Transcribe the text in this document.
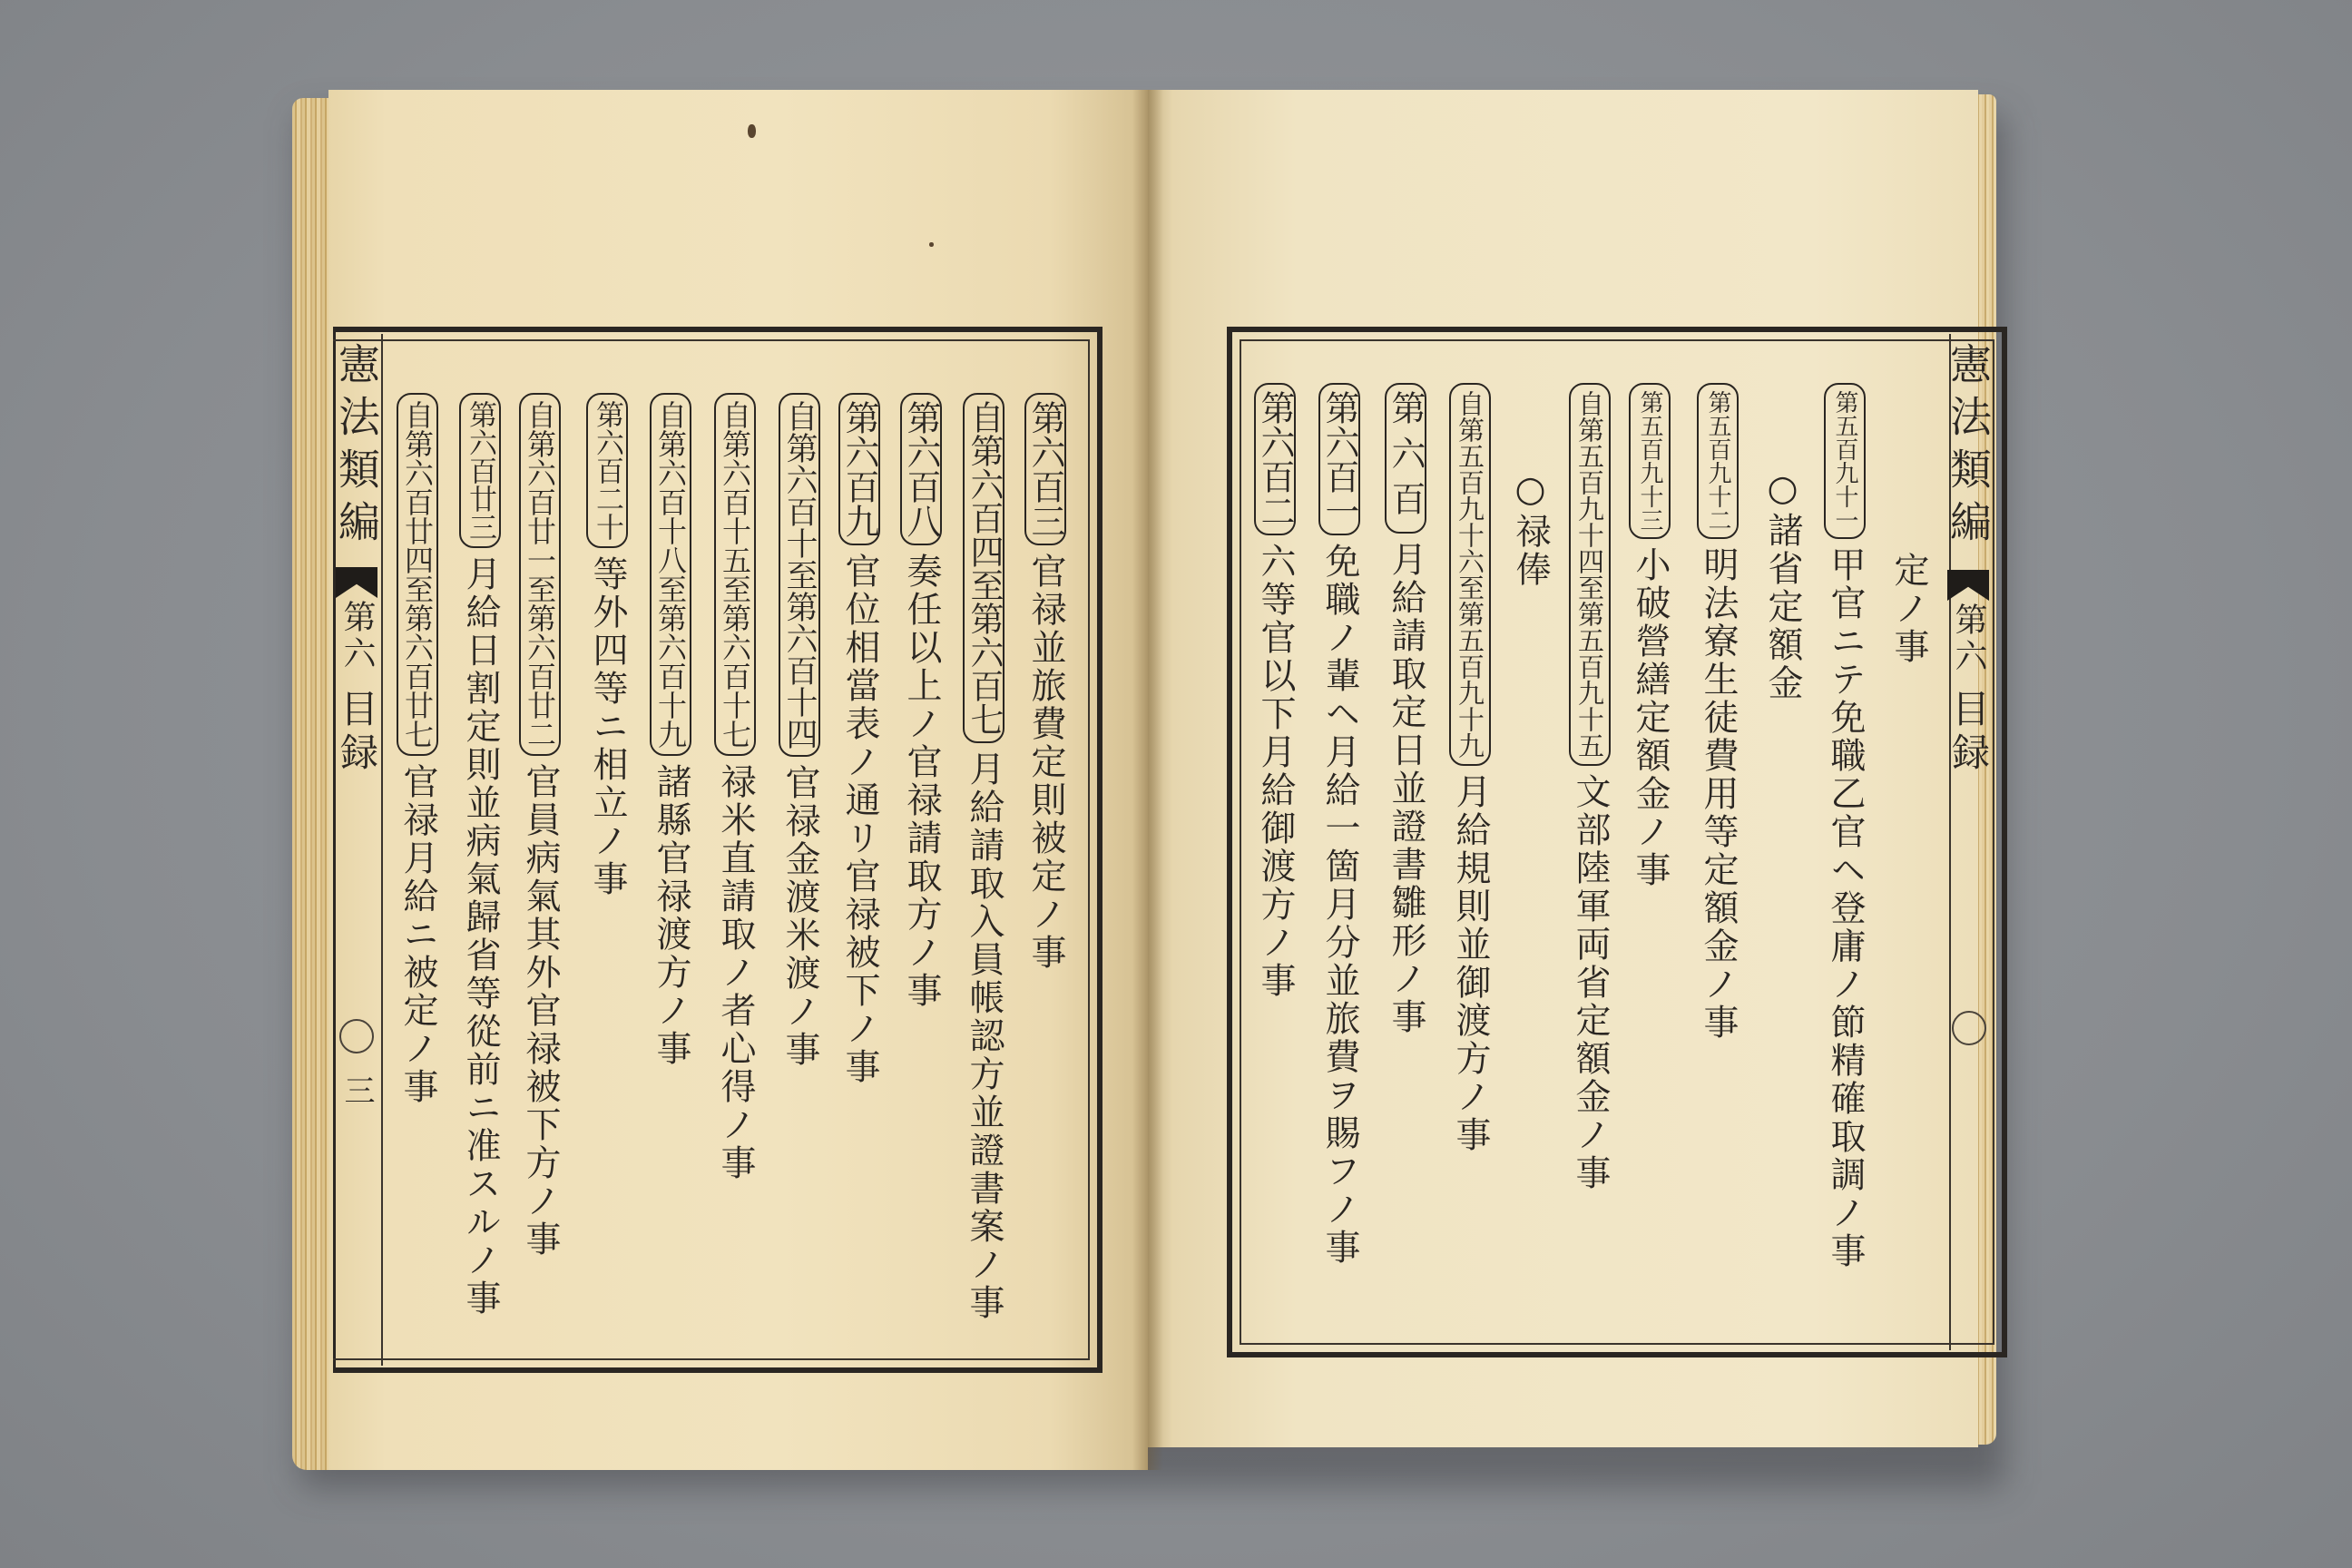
憲法類編
第六
目録
三
第六百三
官禄並旅費定則被定ノ事
自第六百四至第六百七
月給請取入員帳認方並證書案ノ事
第六百八
奏任以上ノ官禄請取方ノ事
第六百九
官位相當表ノ通リ官禄被下ノ事
自第六百十至第六百十四
官禄金渡米渡ノ事
自第六百十五至第六百十七
禄米直請取ノ者心得ノ事
自第六百十八至第六百十九
諸縣官禄渡方ノ事
第六百二十
等外四等ニ相立ノ事
自第六百廿一至第六百廿二
官員病氣其外官禄被下方ノ事
第六百廿三
月給日割定則並病氣歸省等從前ニ准スルノ事
自第六百廿四至第六百廿七
官禄月給ニ被定ノ事
憲法類編
第六
目録
定ノ事
第五百九十一
甲官ニテ免職乙官ヘ登庸ノ節精確取調ノ事
○諸省定額金
第五百九十二
明法寮生徒費用等定額金ノ事
第五百九十三
小破營繕定額金ノ事
自第五百九十四至第五百九十五
文部陸軍両省定額金ノ事
○禄俸
自第五百九十六至第五百九十九
月給規則並御渡方ノ事
第六百
月給請取定日並證書雛形ノ事
第六百一
免職ノ輩ヘ月給一箇月分並旅費ヲ賜フノ事
第六百二
六等官以下月給御渡方ノ事
